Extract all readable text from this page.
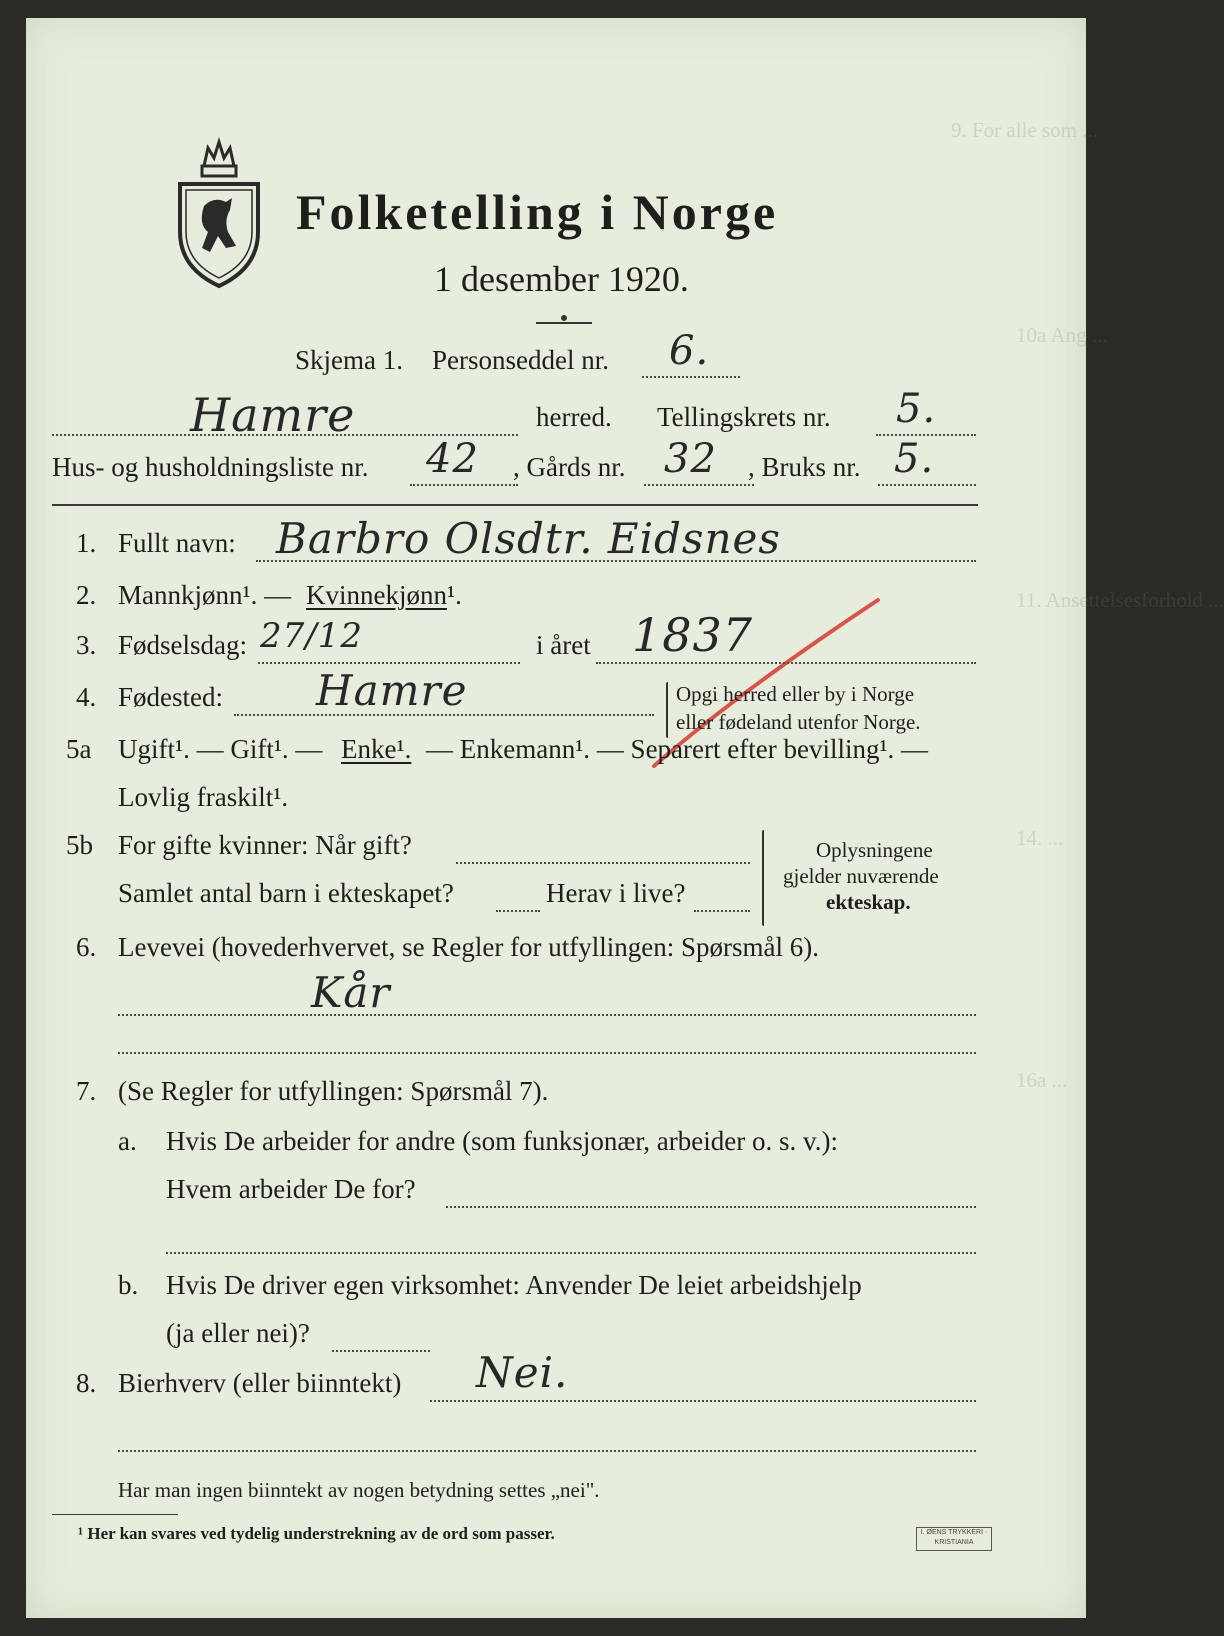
9. For alle som ...
10a Ang ...
11. Ansettelsesforhold ...
14. ...
16a ...
Folketelling i Norge
1 desember 1920.
Skjema 1. Personseddel nr. 6.
Hamre	herred. Tellingskrets nr. 5.
Hus- og husholdningsliste nr. 42 , Gårds nr. 32 , Bruks nr. 5.
1. Fullt navn: Barbro Olsdtr. Eidsnes
2. Mannkjønn¹. — Kvinnekjønn¹.
3. Fødselsdag: 27/12	i året 1837
4. Fødested: Hamre	Opgi herred eller by i Norge
eller fødeland utenfor Norge.
5a Ugift¹. — Gift¹. — Enke¹. — Enkemann¹. — Separert efter bevilling¹. —
Lovlig fraskilt¹.
5b For gifte kvinner: Når gift?
Samlet antal barn i ekteskapet?	Herav i live?
Oplysningene
gjelder nuværende
ekteskap.
6. Levevei (hovederhvervet, se Regler for utfyllingen: Spørsmål 6).
Kår
7. (Se Regler for utfyllingen: Spørsmål 7).
a. Hvis De arbeider for andre (som funksjonær, arbeider o. s. v.):
Hvem arbeider De for?
b. Hvis De driver egen virksomhet: Anvender De leiet arbeidshjelp
(ja eller nei)?
8. Bierhverv (eller biinntekt) Nei.
Har man ingen biinntekt av nogen betydning settes „nei".
¹ Her kan svares ved tydelig understrekning av de ord som passer.	I. ØENS TRYKKERI · KRISTIANIA
